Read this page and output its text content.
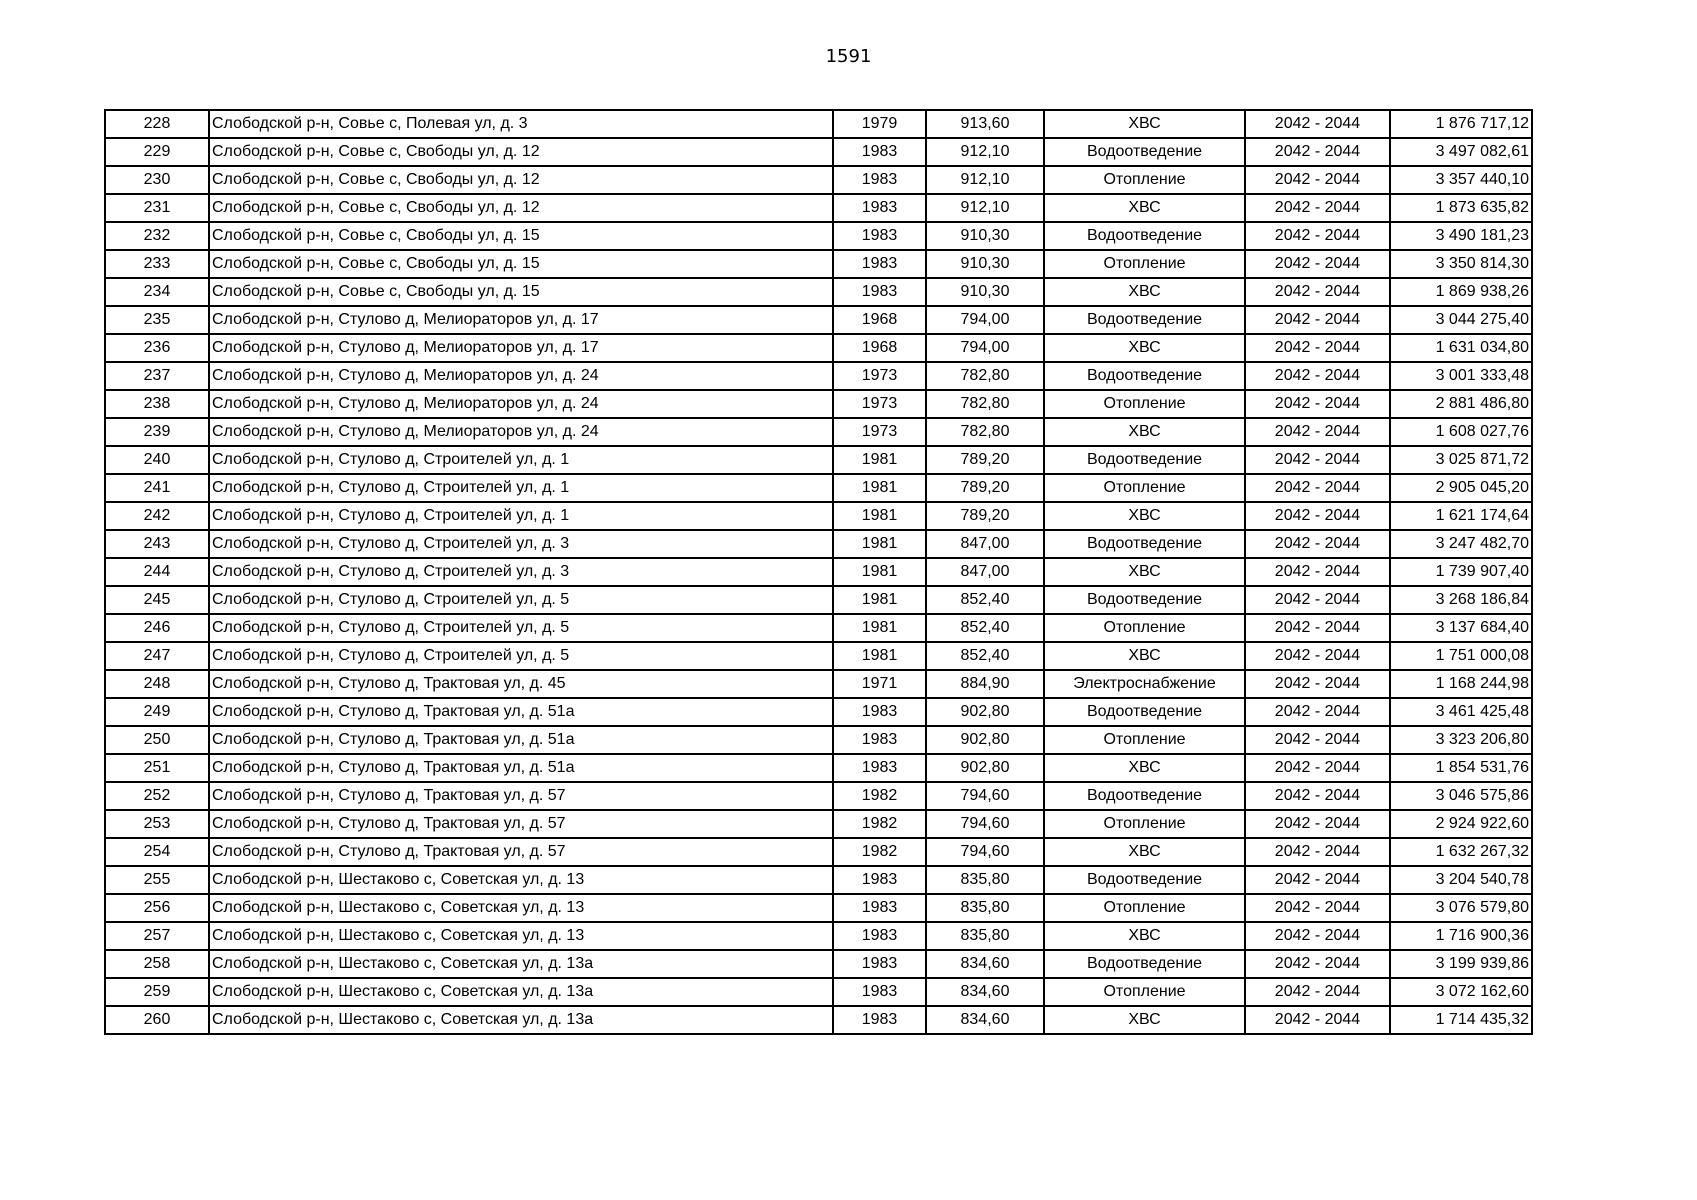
1591
228	Слободской р-н, Совье с, Полевая ул, д. 3	1979	913,60	ХВС	2042 - 2044	1 876 717,12
229	Слободской р-н, Совье с, Свободы ул, д. 12	1983	912,10	Водоотведение	2042 - 2044	3 497 082,61
230	Слободской р-н, Совье с, Свободы ул, д. 12	1983	912,10	Отопление	2042 - 2044	3 357 440,10
231	Слободской р-н, Совье с, Свободы ул, д. 12	1983	912,10	ХВС	2042 - 2044	1 873 635,82
232	Слободской р-н, Совье с, Свободы ул, д. 15	1983	910,30	Водоотведение	2042 - 2044	3 490 181,23
233	Слободской р-н, Совье с, Свободы ул, д. 15	1983	910,30	Отопление	2042 - 2044	3 350 814,30
234	Слободской р-н, Совье с, Свободы ул, д. 15	1983	910,30	ХВС	2042 - 2044	1 869 938,26
235	Слободской р-н, Стулово д, Мелиораторов ул, д. 17	1968	794,00	Водоотведение	2042 - 2044	3 044 275,40
236	Слободской р-н, Стулово д, Мелиораторов ул, д. 17	1968	794,00	ХВС	2042 - 2044	1 631 034,80
237	Слободской р-н, Стулово д, Мелиораторов ул, д. 24	1973	782,80	Водоотведение	2042 - 2044	3 001 333,48
238	Слободской р-н, Стулово д, Мелиораторов ул, д. 24	1973	782,80	Отопление	2042 - 2044	2 881 486,80
239	Слободской р-н, Стулово д, Мелиораторов ул, д. 24	1973	782,80	ХВС	2042 - 2044	1 608 027,76
240	Слободской р-н, Стулово д, Строителей ул, д. 1	1981	789,20	Водоотведение	2042 - 2044	3 025 871,72
241	Слободской р-н, Стулово д, Строителей ул, д. 1	1981	789,20	Отопление	2042 - 2044	2 905 045,20
242	Слободской р-н, Стулово д, Строителей ул, д. 1	1981	789,20	ХВС	2042 - 2044	1 621 174,64
243	Слободской р-н, Стулово д, Строителей ул, д. 3	1981	847,00	Водоотведение	2042 - 2044	3 247 482,70
244	Слободской р-н, Стулово д, Строителей ул, д. 3	1981	847,00	ХВС	2042 - 2044	1 739 907,40
245	Слободской р-н, Стулово д, Строителей ул, д. 5	1981	852,40	Водоотведение	2042 - 2044	3 268 186,84
246	Слободской р-н, Стулово д, Строителей ул, д. 5	1981	852,40	Отопление	2042 - 2044	3 137 684,40
247	Слободской р-н, Стулово д, Строителей ул, д. 5	1981	852,40	ХВС	2042 - 2044	1 751 000,08
248	Слободской р-н, Стулово д, Трактовая ул, д. 45	1971	884,90	Электроснабжение	2042 - 2044	1 168 244,98
249	Слободской р-н, Стулово д, Трактовая ул, д. 51а	1983	902,80	Водоотведение	2042 - 2044	3 461 425,48
250	Слободской р-н, Стулово д, Трактовая ул, д. 51а	1983	902,80	Отопление	2042 - 2044	3 323 206,80
251	Слободской р-н, Стулово д, Трактовая ул, д. 51а	1983	902,80	ХВС	2042 - 2044	1 854 531,76
252	Слободской р-н, Стулово д, Трактовая ул, д. 57	1982	794,60	Водоотведение	2042 - 2044	3 046 575,86
253	Слободской р-н, Стулово д, Трактовая ул, д. 57	1982	794,60	Отопление	2042 - 2044	2 924 922,60
254	Слободской р-н, Стулово д, Трактовая ул, д. 57	1982	794,60	ХВС	2042 - 2044	1 632 267,32
255	Слободской р-н, Шестаково с, Советская ул, д. 13	1983	835,80	Водоотведение	2042 - 2044	3 204 540,78
256	Слободской р-н, Шестаково с, Советская ул, д. 13	1983	835,80	Отопление	2042 - 2044	3 076 579,80
257	Слободской р-н, Шестаково с, Советская ул, д. 13	1983	835,80	ХВС	2042 - 2044	1 716 900,36
258	Слободской р-н, Шестаково с, Советская ул, д. 13а	1983	834,60	Водоотведение	2042 - 2044	3 199 939,86
259	Слободской р-н, Шестаково с, Советская ул, д. 13а	1983	834,60	Отопление	2042 - 2044	3 072 162,60
260	Слободской р-н, Шестаково с, Советская ул, д. 13а	1983	834,60	ХВС	2042 - 2044	1 714 435,32
